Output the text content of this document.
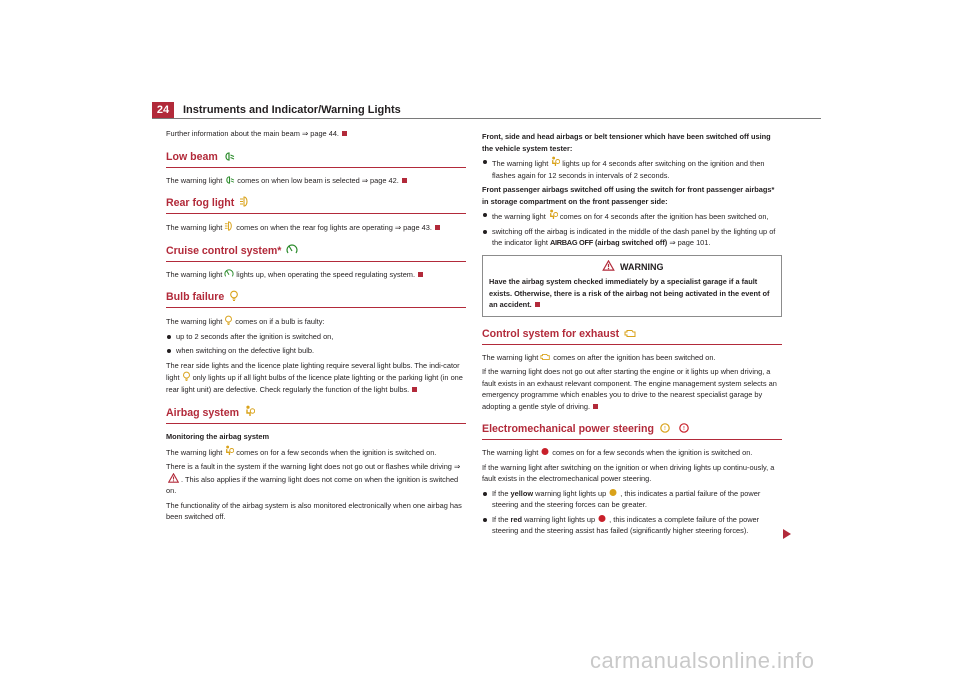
24	Instruments and Indicator/Warning Lights

Further information about the main beam ⇒ page 44.

Low beam

The warning light comes on when low beam is selected ⇒ page 42.

Rear fog light

The warning light comes on when the rear fog lights are operating ⇒ page 43.

Cruise control system*

The warning light lights up, when operating the speed regulating system.

Bulb failure

The warning light comes on if a bulb is faulty:

up to 2 seconds after the ignition is switched on,
when switching on the defective light bulb.

The rear side lights and the licence plate lighting require several light bulbs. The indi-cator light only lights up if all light bulbs of the licence plate lighting or the parking light (in one rear light unit) are defective. Check regularly the function of the light bulbs.

Airbag system

Monitoring the airbag system

The warning light comes on for a few seconds when the ignition is switched on.

There is a fault in the system if the warning light does not go out or flashes while driving ⇒
. This also applies if the warning light does not come on when the ignition is switched on.

The functionality of the airbag system is also monitored electronically when one airbag has been switched off.

Front, side and head airbags or belt tensioner which have been switched off using the vehicle system tester:

The warning light lights up for 4 seconds after switching on the ignition and then flashes again for 12 seconds in intervals of 2 seconds.

Front passenger airbags switched off using the switch for front passenger airbags* in storage compartment on the front passenger side:

the warning light comes on for 4 seconds after the ignition has been switched on,
switching off the airbag is indicated in the middle of the dash panel by the lighting up of the indicator light AIRBAG OFF (airbag switched off) ⇒ page 101.
WARNING
Have the airbag system checked immediately by a specialist garage if a fault exists. Otherwise, there is a risk of the airbag not being activated in the event of an accident.
Control system for exhaust

The warning light comes on after the ignition has been switched on.

If the warning light does not go out after starting the engine or it lights up when driving, a fault exists in an exhaust relevant component. The engine management system selects an emergency programme which enables you to drive to the nearest specialist garage by adopting a gentle style of driving.

Electromechanical power steering !
	!

The warning light comes on for a few seconds when the ignition is switched on.

If the warning light after switching on the ignition or when driving lights up continu-ously, a fault exists in the electromechanical power steering.

If the yellow warning light lights up , this indicates a partial failure of the power steering and the steering forces can be greater.
If the red warning light lights up , this indicates a complete failure of the power steering and the steering assist has failed (significantly higher steering forces).
carmanualsonline.info
